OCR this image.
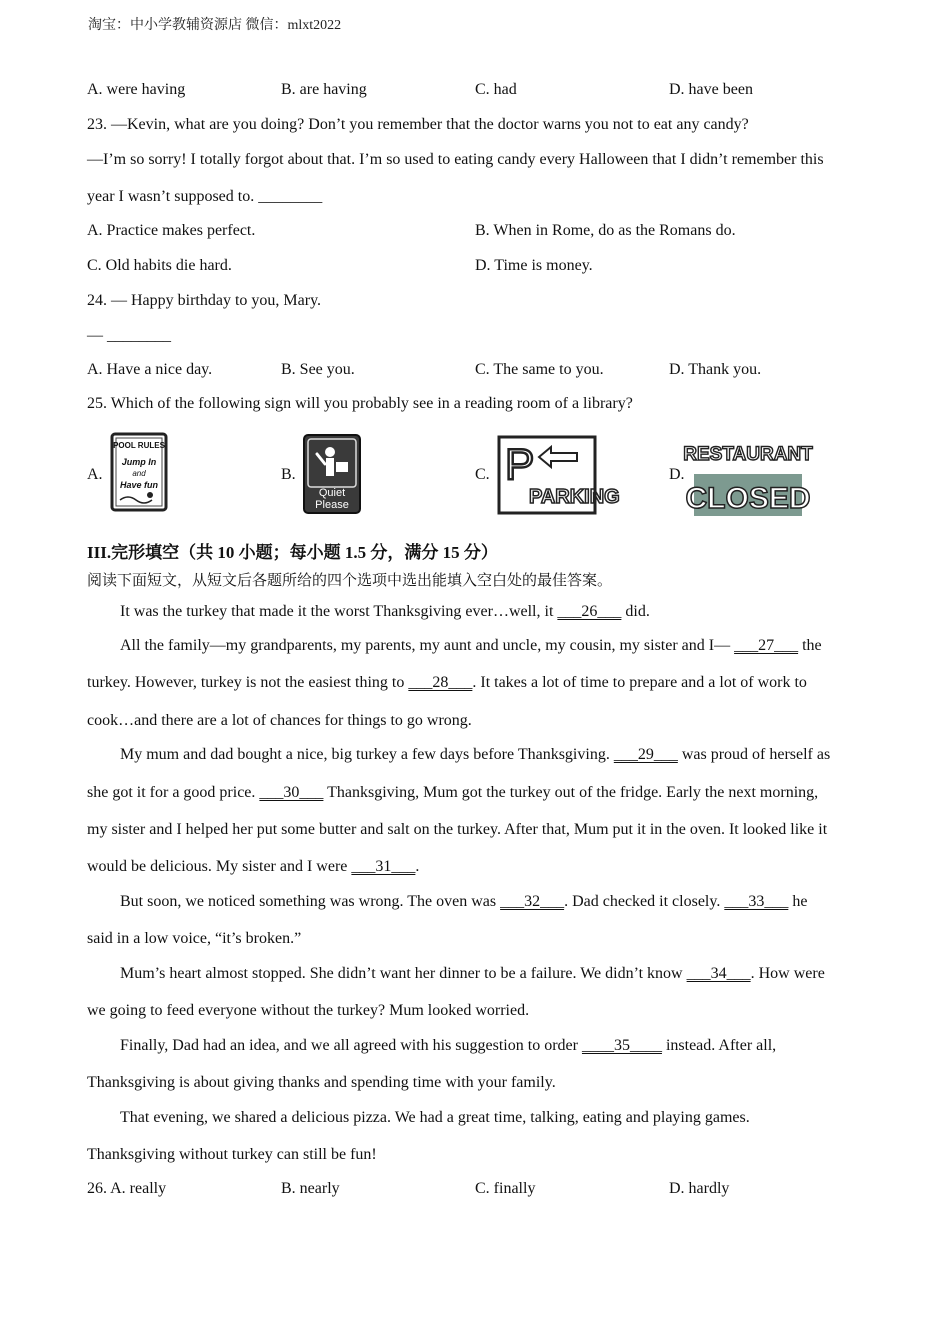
淘宝：中小学教辅资源店 微信：mlxt2022
A. were having	B. are having	C. had	D. have been
23. —Kevin, what are you doing? Don’t you remember that the doctor warns you not to eat any candy?
—I’m so sorry! I totally forgot about that. I’m so used to eating candy every Halloween that I didn’t remember this
year I wasn’t supposed to. ________
A. Practice makes perfect.	B. When in Rome, do as the Romans do.
C. Old habits die hard.	D. Time is money.
24. — Happy birthday to you, Mary.
— ________
A. Have a nice day.	B. See you.	C. The same to you.	D. Thank you.
25. Which of the following sign will you probably see in a reading room of a library?
A.
POOL RULES
Jump In
and
Have fun
B.
Quiet
Please
C. P
PARKING
D.
RESTAURANT
CLOSED
III.完形填空（共 10 小题；每小题 1.5 分，满分 15 分）
阅读下面短文，从短文后各题所给的四个选项中选出能填入空白处的最佳答案。
It was the turkey that made it the worst Thanksgiving ever…well, it ___26___ did.
All the family—my grandparents, my parents, my aunt and uncle, my cousin, my sister and I— ___27___ the
turkey. However, turkey is not the easiest thing to ___28___. It takes a lot of time to prepare and a lot of work to
cook…and there are a lot of chances for things to go wrong.
My mum and dad bought a nice, big turkey a few days before Thanksgiving. ___29___ was proud of herself as
she got it for a good price. ___30___ Thanksgiving, Mum got the turkey out of the fridge. Early the next morning,
my sister and I helped her put some butter and salt on the turkey. After that, Mum put it in the oven. It looked like it
would be delicious. My sister and I were ___31___.
But soon, we noticed something was wrong. The oven was ___32___. Dad checked it closely. ___33___ he
said in a low voice, “it’s broken.”
Mum’s heart almost stopped. She didn’t want her dinner to be a failure. We didn’t know ___34___. How were
we going to feed everyone without the turkey? Mum looked worried.
Finally, Dad had an idea, and we all agreed with his suggestion to order ____35____ instead. After all,
Thanksgiving is about giving thanks and spending time with your family.
That evening, we shared a delicious pizza. We had a great time, talking, eating and playing games.
Thanksgiving without turkey can still be fun!
26. A. really	B. nearly	C. finally	D. hardly
